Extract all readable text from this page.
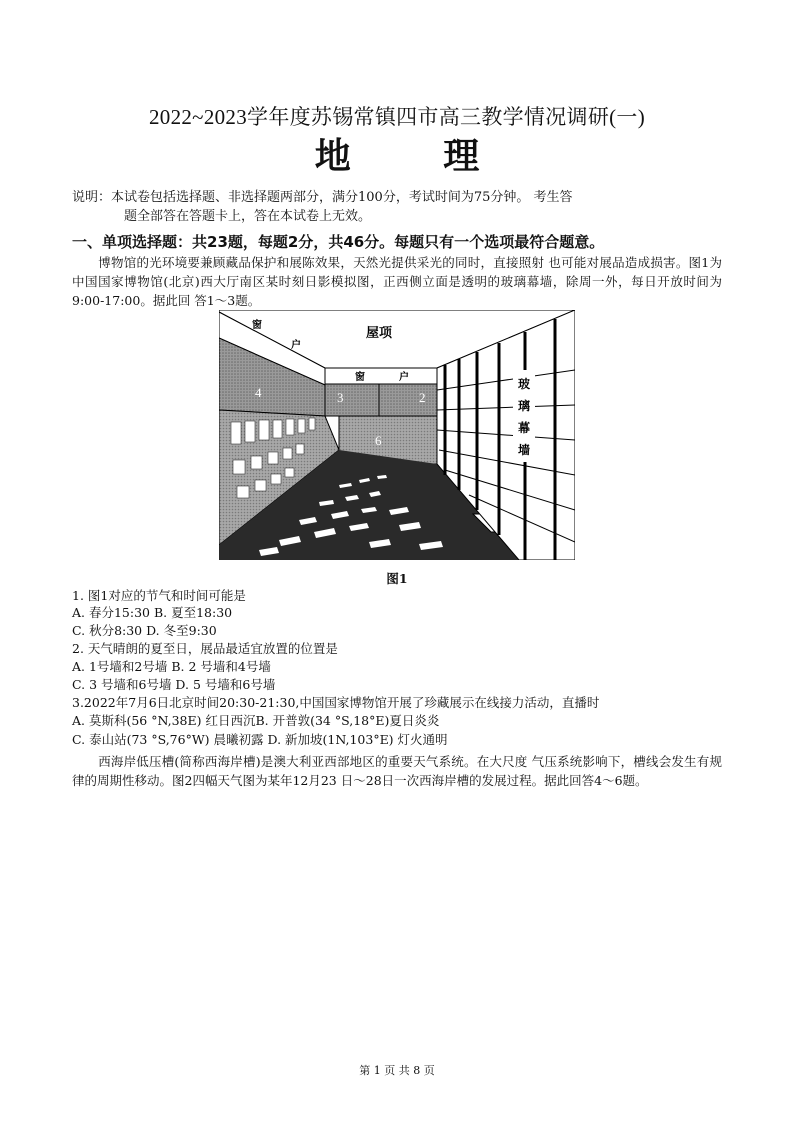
2022~2023学年度苏锡常镇四市高三教学情况调研(一)
地 理
说明：本试卷包括选择题、非选择题两部分，满分100分，考试时间为75分钟。 考生答
题全部答在答题卡上，答在本试卷上无效。
一、单项选择题：共23题，每题2分，共46分。每题只有一个选项最符合题意。
博物馆的光环境要兼顾藏品保护和展陈效果，天然光提供采光的同时，直接照射 也可能对展品造成损害。图1为中国国家博物馆(北京)西大厅南区某时刻日影模拟图，正西侧立面是透明的玻璃幕墙，除周一外，每日开放时间为9:00-17:00。据此回 答1～3题。
屋项
窗
户
窗	户
4	3	2
6
5
玻 璃 幕 墙
图1
1. 图1对应的节气和时间可能是
A. 春分15:30 B. 夏至18:30
C. 秋分8:30 D. 冬至9:30
2. 天气晴朗的夏至日，展品最适宜放置的位置是
A. 1号墙和2号墙 B. 2 号墙和4号墙
C. 3 号墙和6号墙 D. 5 号墙和6号墙
3.2022年7月6日北京时间20:30-21:30,中国国家博物馆开展了珍藏展示在线接力活动，直播时
A. 莫斯科(56 °N,38E) 红日西沉B. 开普敦(34 °S,18°E)夏日炎炎
C. 泰山站(73 °S,76°W) 晨曦初露 D. 新加坡(1N,103°E) 灯火通明
西海岸低压槽(简称西海岸槽)是澳大利亚西部地区的重要天气系统。在大尺度 气压系统影响下，槽线会发生有规律的周期性移动。图2四幅天气图为某年12月23 日～28日一次西海岸槽的发展过程。据此回答4～6题。
第 1 页 共 8 页
